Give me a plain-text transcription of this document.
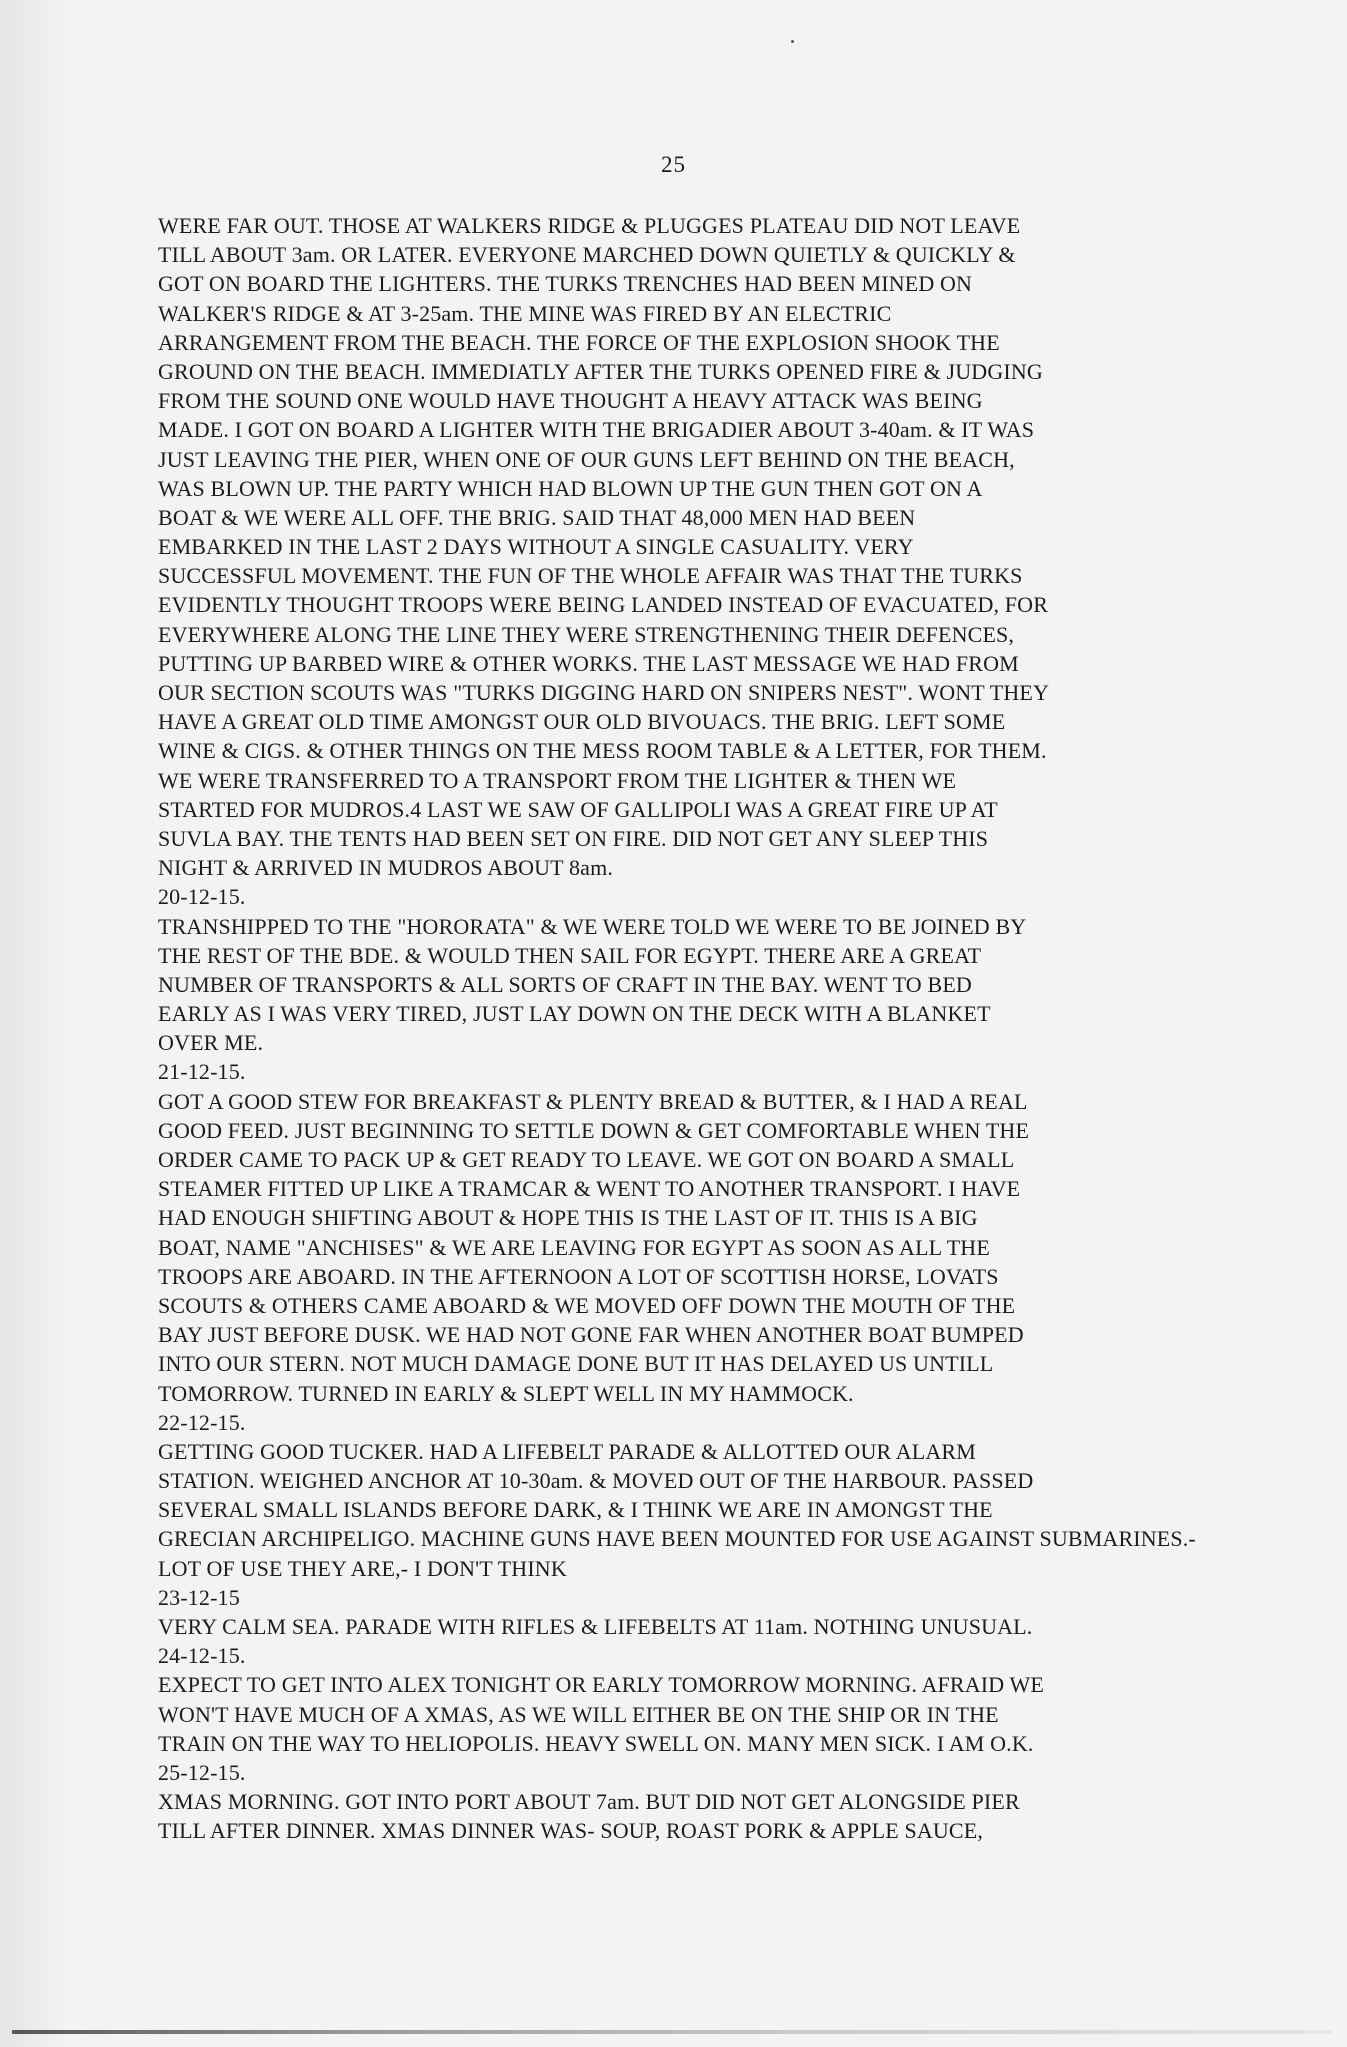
25
WERE FAR OUT. THOSE AT WALKERS RIDGE & PLUGGES PLATEAU DID NOT LEAVE
TILL ABOUT 3am. OR LATER. EVERYONE MARCHED DOWN QUIETLY & QUICKLY &
GOT ON BOARD THE LIGHTERS. THE TURKS TRENCHES HAD BEEN MINED ON
WALKER'S RIDGE & AT 3-25am. THE MINE WAS FIRED BY AN ELECTRIC
ARRANGEMENT FROM THE BEACH. THE FORCE OF THE EXPLOSION SHOOK THE
GROUND ON THE BEACH. IMMEDIATLY AFTER THE TURKS OPENED FIRE & JUDGING
FROM THE SOUND ONE WOULD HAVE THOUGHT A HEAVY ATTACK WAS BEING
MADE. I GOT ON BOARD A LIGHTER WITH THE BRIGADIER ABOUT 3-40am. & IT WAS
JUST LEAVING THE PIER, WHEN ONE OF OUR GUNS LEFT BEHIND ON THE BEACH,
WAS BLOWN UP. THE PARTY WHICH HAD BLOWN UP THE GUN THEN GOT ON A
BOAT & WE WERE ALL OFF. THE BRIG. SAID THAT 48,000 MEN HAD BEEN
EMBARKED IN THE LAST 2 DAYS WITHOUT A SINGLE CASUALITY. VERY
SUCCESSFUL MOVEMENT. THE FUN OF THE WHOLE AFFAIR WAS THAT THE TURKS
EVIDENTLY THOUGHT TROOPS WERE BEING LANDED INSTEAD OF EVACUATED, FOR
EVERYWHERE ALONG THE LINE THEY WERE STRENGTHENING THEIR DEFENCES,
PUTTING UP BARBED WIRE & OTHER WORKS. THE LAST MESSAGE WE HAD FROM
OUR SECTION SCOUTS WAS "TURKS DIGGING HARD ON SNIPERS NEST". WONT THEY
HAVE A GREAT OLD TIME AMONGST OUR OLD BIVOUACS. THE BRIG. LEFT SOME
WINE & CIGS. & OTHER THINGS ON THE MESS ROOM TABLE & A LETTER, FOR THEM.
WE WERE TRANSFERRED TO A TRANSPORT FROM THE LIGHTER & THEN WE
STARTED FOR MUDROS.4 LAST WE SAW OF GALLIPOLI WAS A GREAT FIRE UP AT
SUVLA BAY. THE TENTS HAD BEEN SET ON FIRE. DID NOT GET ANY SLEEP THIS
NIGHT & ARRIVED IN MUDROS ABOUT 8am.
20-12-15.
TRANSHIPPED TO THE "HORORATA" & WE WERE TOLD WE WERE TO BE JOINED BY
THE REST OF THE BDE. & WOULD THEN SAIL FOR EGYPT. THERE ARE A GREAT
NUMBER OF TRANSPORTS & ALL SORTS OF CRAFT IN THE BAY. WENT TO BED
EARLY AS I WAS VERY TIRED, JUST LAY DOWN ON THE DECK WITH A BLANKET
OVER ME.
21-12-15.
GOT A GOOD STEW FOR BREAKFAST & PLENTY BREAD & BUTTER, & I HAD A REAL
GOOD FEED. JUST BEGINNING TO SETTLE DOWN & GET COMFORTABLE WHEN THE
ORDER CAME TO PACK UP & GET READY TO LEAVE. WE GOT ON BOARD A SMALL
STEAMER FITTED UP LIKE A TRAMCAR & WENT TO ANOTHER TRANSPORT. I HAVE
HAD ENOUGH SHIFTING ABOUT & HOPE THIS IS THE LAST OF IT. THIS IS A BIG
BOAT, NAME "ANCHISES" & WE ARE LEAVING FOR EGYPT AS SOON AS ALL THE
TROOPS ARE ABOARD. IN THE AFTERNOON A LOT OF SCOTTISH HORSE, LOVATS
SCOUTS & OTHERS CAME ABOARD & WE MOVED OFF DOWN THE MOUTH OF THE
BAY JUST BEFORE DUSK. WE HAD NOT GONE FAR WHEN ANOTHER BOAT BUMPED
INTO OUR STERN. NOT MUCH DAMAGE DONE BUT IT HAS DELAYED US UNTILL
TOMORROW. TURNED IN EARLY & SLEPT WELL IN MY HAMMOCK.
22-12-15.
GETTING GOOD TUCKER. HAD A LIFEBELT PARADE & ALLOTTED OUR ALARM
STATION. WEIGHED ANCHOR AT 10-30am. & MOVED OUT OF THE HARBOUR. PASSED
SEVERAL SMALL ISLANDS BEFORE DARK, & I THINK WE ARE IN AMONGST THE
GRECIAN ARCHIPELIGO. MACHINE GUNS HAVE BEEN MOUNTED FOR USE AGAINST SUBMARINES.-
LOT OF USE THEY ARE,- I DON'T THINK
23-12-15
VERY CALM SEA. PARADE WITH RIFLES & LIFEBELTS AT 11am. NOTHING UNUSUAL.
24-12-15.
EXPECT TO GET INTO ALEX TONIGHT OR EARLY TOMORROW MORNING. AFRAID WE
WON'T HAVE MUCH OF A XMAS, AS WE WILL EITHER BE ON THE SHIP OR IN THE
TRAIN ON THE WAY TO HELIOPOLIS. HEAVY SWELL ON. MANY MEN SICK. I AM O.K.
25-12-15.
XMAS MORNING. GOT INTO PORT ABOUT 7am. BUT DID NOT GET ALONGSIDE PIER
TILL AFTER DINNER. XMAS DINNER WAS- SOUP, ROAST PORK & APPLE SAUCE,
